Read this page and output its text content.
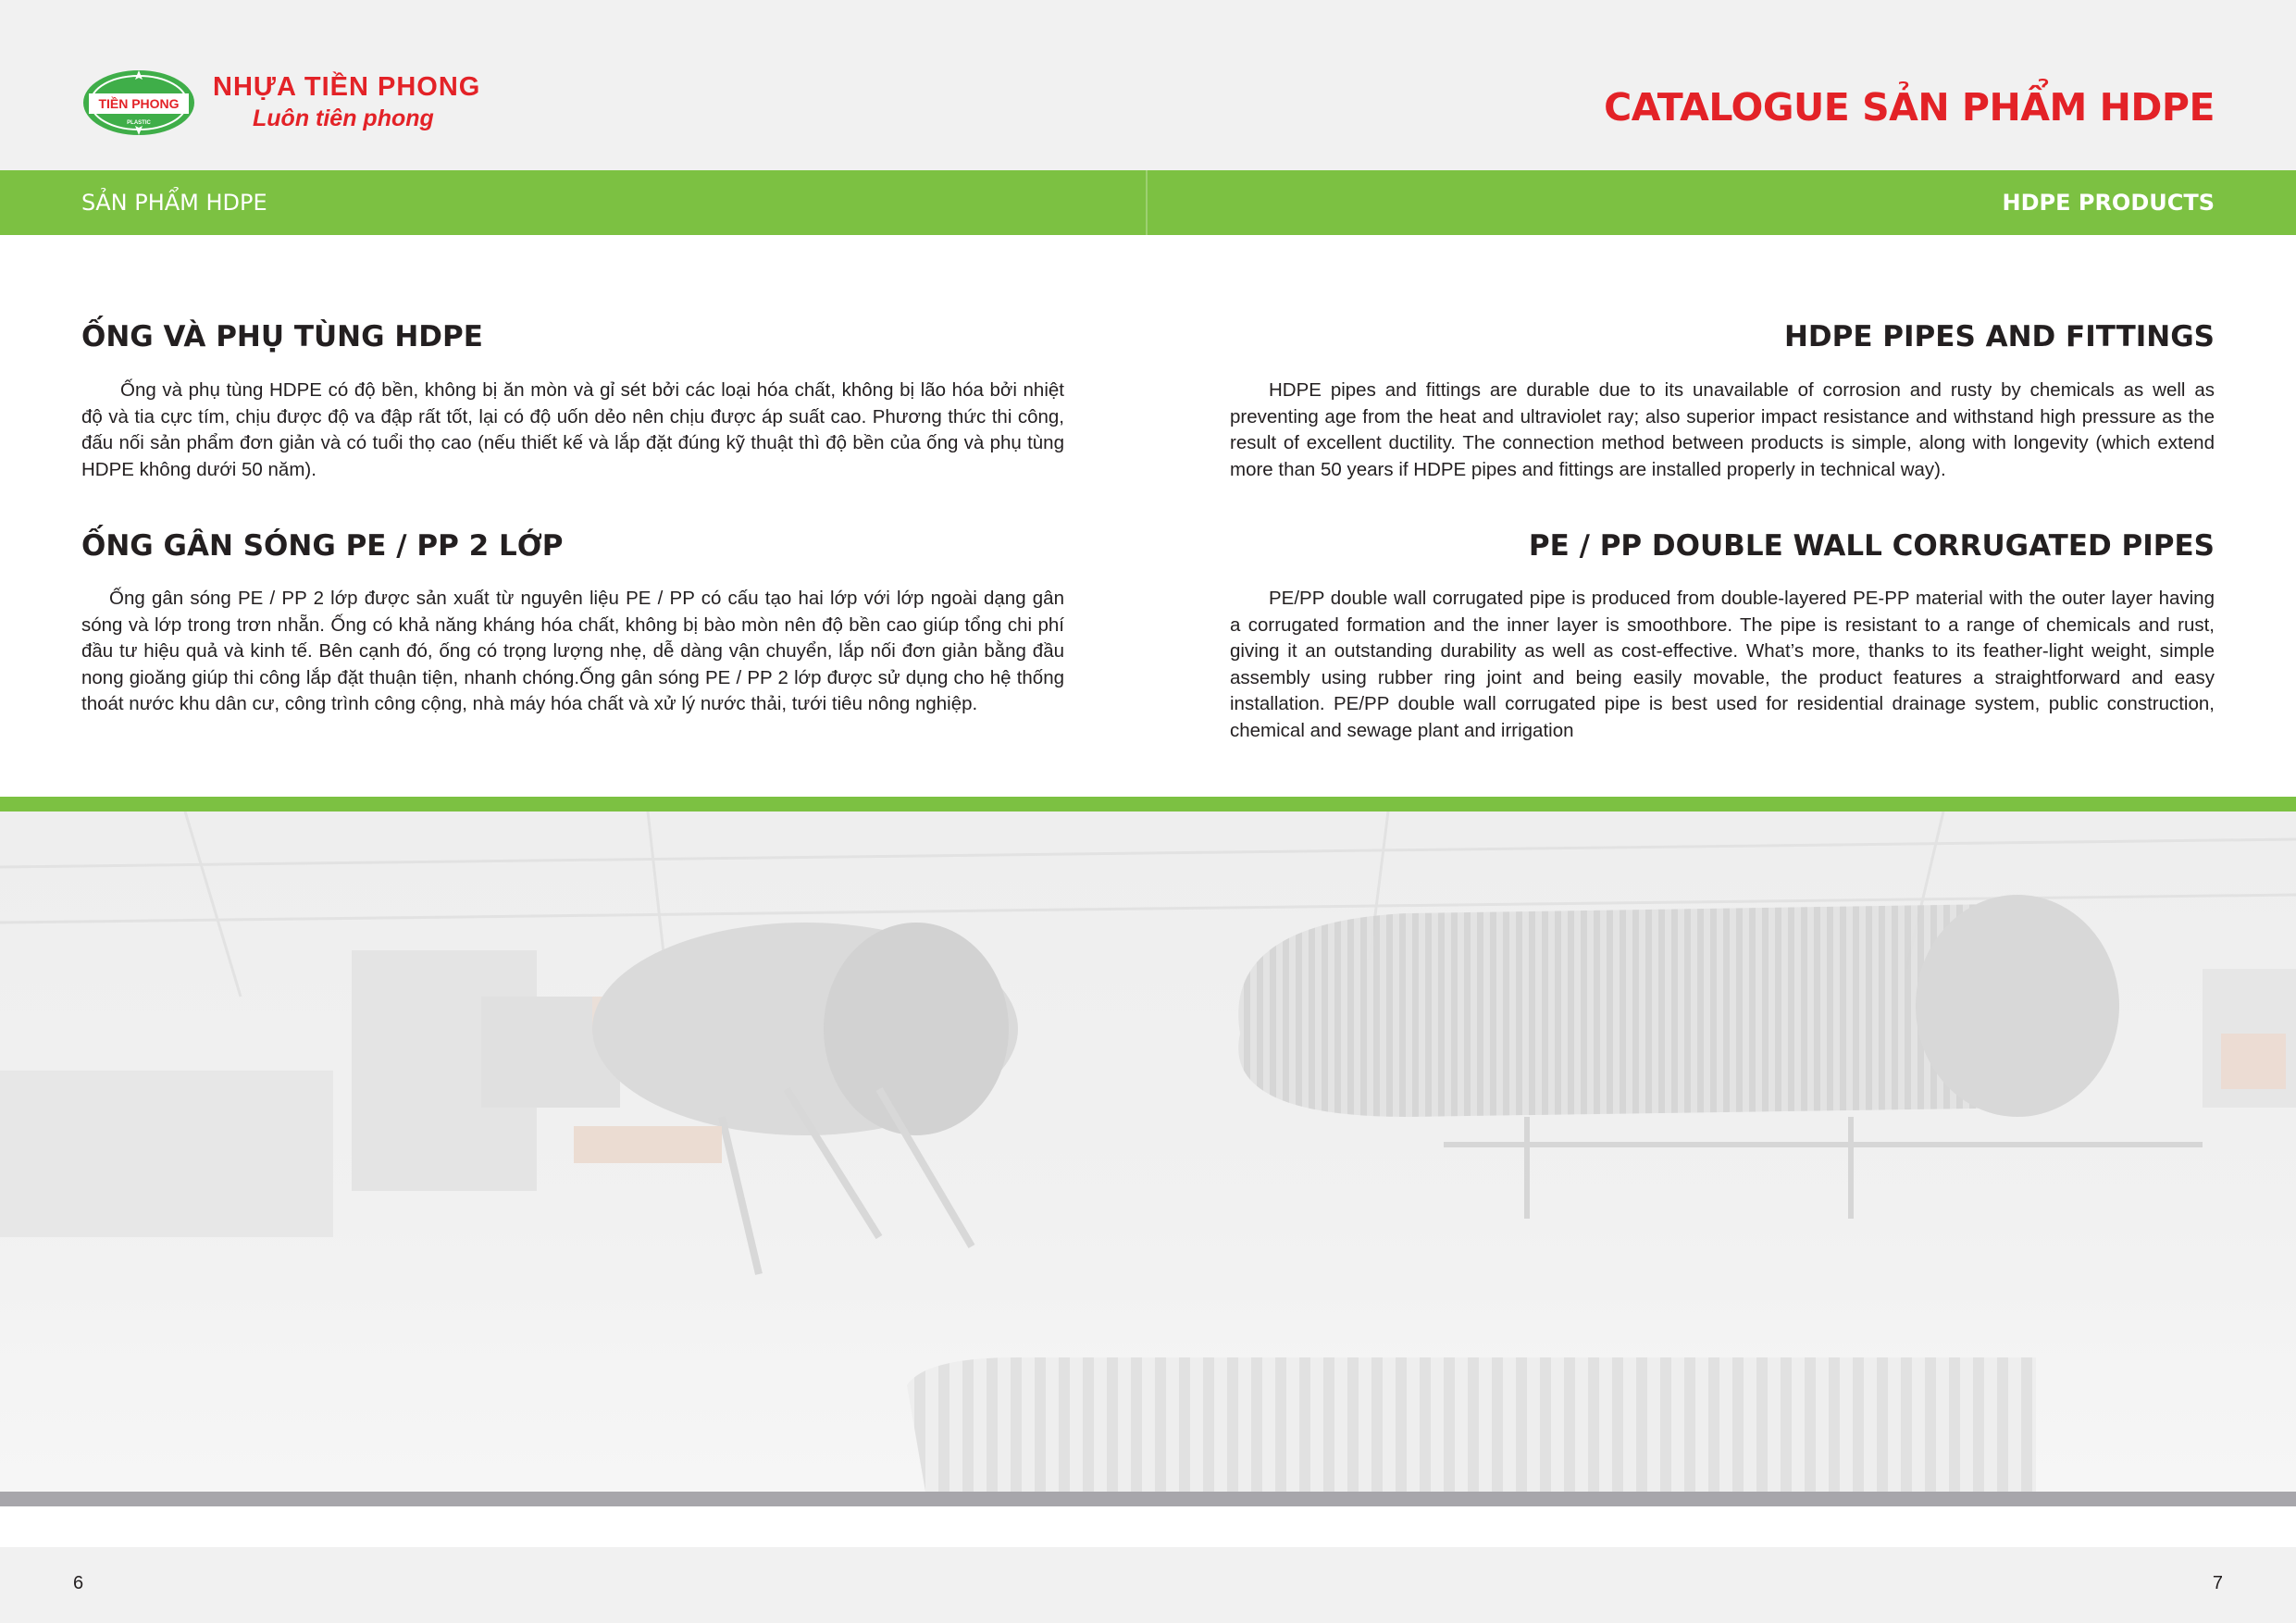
TIỀN PHONG
PLASTIC
NHỰA TIỀN PHONG
Luôn tiên phong	CATALOGUE SẢN PHẨM HDPE
SẢN PHẨM HDPE	HDPE PRODUCTS
ỐNG VÀ PHỤ TÙNG HDPE

Ống và phụ tùng HDPE có độ bền, không bị ăn mòn và gỉ sét bởi các loại hóa chất, không bị lão hóa bởi nhiệt độ và tia cực tím, chịu được độ va đập rất tốt, lại có độ uốn dẻo nên chịu được áp suất cao. Phương thức thi công, đấu nối sản phẩm đơn giản và có tuổi thọ cao (nếu thiết kế và lắp đặt đúng kỹ thuật thì độ bền của ống và phụ tùng HDPE không dưới 50 năm).

ỐNG GÂN SÓNG PE / PP 2 LỚP

Ống gân sóng PE / PP 2 lớp được sản xuất từ nguyên liệu PE / PP có cấu tạo hai lớp với lớp ngoài dạng gân sóng và lớp trong trơn nhẵn. Ống có khả năng kháng hóa chất, không bị bào mòn nên độ bền cao giúp tổng chi phí đầu tư hiệu quả và kinh tế. Bên cạnh đó, ống có trọng lượng nhẹ, dễ dàng vận chuyển, lắp nối đơn giản bằng đầu nong gioăng giúp thi công lắp đặt thuận tiện, nhanh chóng.Ống gân sóng PE / PP 2 lớp được sử dụng cho hệ thống thoát nước khu dân cư, công trình công cộng, nhà máy hóa chất và xử lý nước thải, tưới tiêu nông nghiệp.

HDPE PIPES AND FITTINGS

HDPE pipes and fittings are durable due to its unavailable of corrosion and rusty by chemicals as well as preventing age from the heat and ultraviolet ray; also superior impact resistance and withstand high pressure as the result of excellent ductility. The connection method between products is simple, along with longevity (which extend more than 50 years if HDPE pipes and fittings are installed properly in technical way).

PE / PP DOUBLE WALL CORRUGATED PIPES

PE/PP double wall corrugated pipe is produced from double-layered PE-PP material with the outer layer having a corrugated formation and the inner layer is smoothbore. The pipe is resistant to a range of chemicals and rust, giving it an outstanding durability as well as cost-effective. What’s more, thanks to its feather-light weight, simple assembly using rubber ring joint and being easily movable, the product features a straightforward and easy installation. PE/PP double wall corrugated pipe is best used for residential drainage system, public construction, chemical and sewage plant and irrigation

6	7
